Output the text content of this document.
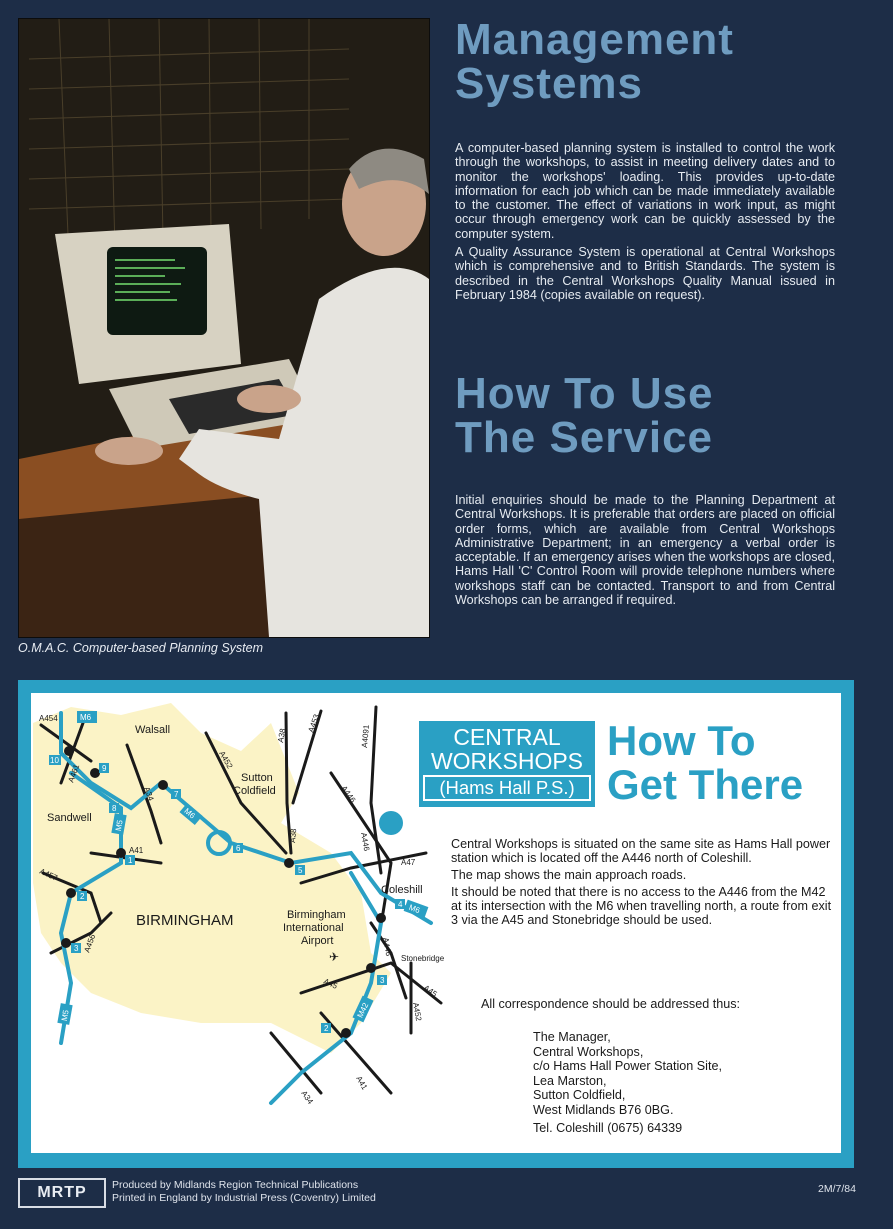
O.M.A.C. Computer-based Planning System
Management
Systems

A computer-based planning system is installed to control the work through the workshops, to assist in meeting delivery dates and to monitor the workshops' loading. This provides up-to-date information for each job which can be made immediately available to the customer. The effect of variations in work input, as might occur through emergency work can be quickly assessed by the computer system.

A Quality Assurance System is operational at Central Workshops which is comprehensive and to British Standards. The system is described in the Central Workshops Quality Manual issued in February 1984 (copies available on request).

How To Use
The Service

Initial enquiries should be made to the Planning Department at Central Workshops. It is preferable that orders are placed on official order forms, which are available from Central Workshops Administrative Department; in an emergency a verbal order is acceptable. If an emergency arises when the workshops are closed, Hams Hall 'C' Control Room will provide telephone numbers where workshops staff can be contacted. Transport to and from Central Workshops can be arranged if required.

Walsall
Sutton
Coldfield
Sandwell
BIRMINGHAM
Coleshill
Birmingham
International
Airport
✈	Stonebridge
A454
A461
A34
A452
A38
A453
A4091
A446
A38	A446
A47
A41
A457
A456
A45	A45
A452
A446
A41
A34
M6
M6
M6
M5
M5	M42
10
9
8
7
1
2
3
6
5
4
3
2
CENTRAL
WORKSHOPS
(Hams Hall P.S.)
How To
Get There

Central Workshops is situated on the same site as Hams Hall power station which is located off the A446 north of Coleshill.

The map shows the main approach roads.

It should be noted that there is no access to the A446 from the M42 at its intersection with the M6 when travelling north, a route from exit 3 via the A45 and Stonebridge should be used.

All correspondence should be addressed thus:
The Manager,
Central Workshops,
c/o Hams Hall Power Station Site,
Lea Marston,
Sutton Coldfield,
West Midlands B76 0BG.
Tel. Coleshill (0675) 64339
MRTP	Produced by Midlands Region Technical Publications
Printed in England by Industrial Press (Coventry) Limited
2M/7/84
